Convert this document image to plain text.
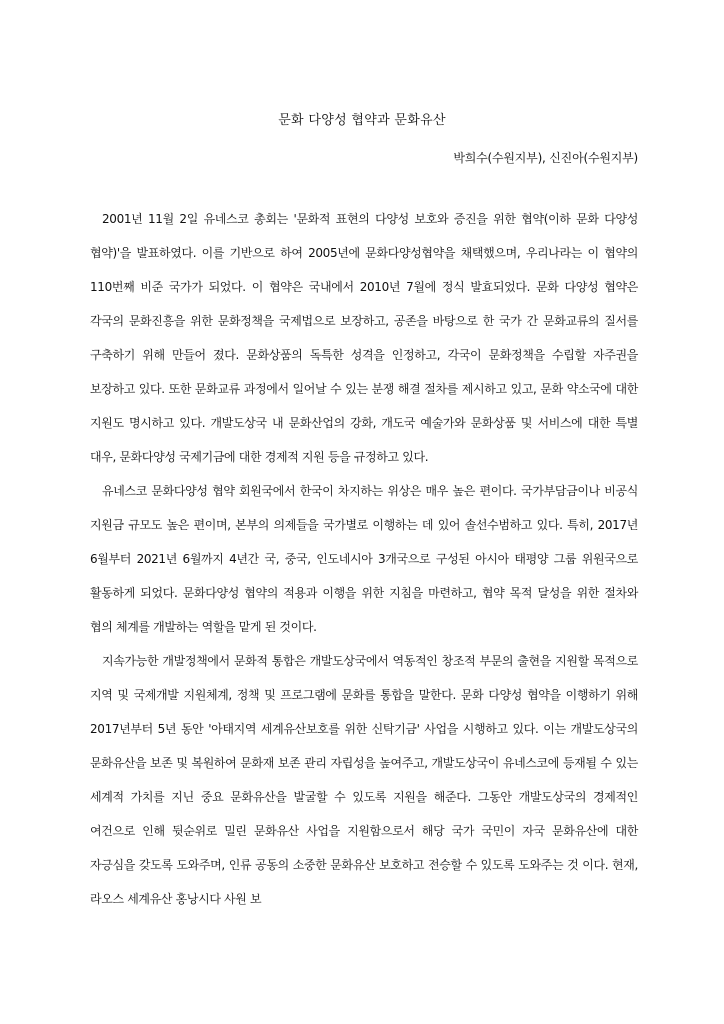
문화 다양성 협약과 문화유산
박희수(수원지부), 신진아(수원지부)

2001년 11월 2일 유네스코 총회는 '문화적 표현의 다양성 보호와 증진을 위한 협약(이하 문화 다양성 협약)'을 발표하였다. 이를 기반으로 하여 2005년에 문화다양성협약을 채택했으며, 우리나라는 이 협약의 110번째 비준 국가가 되었다. 이 협약은 국내에서 2010년 7월에 정식 발효되었다. 문화 다양성 협약은 각국의 문화진흥을 위한 문화정책을 국제법으로 보장하고, 공존을 바탕으로 한 국가 간 문화교류의 질서를 구축하기 위해 만들어 졌다. 문화상품의 독특한 성격을 인정하고, 각국이 문화정책을 수립할 자주권을 보장하고 있다. 또한 문화교류 과정에서 일어날 수 있는 분쟁 해결 절차를 제시하고 있고, 문화 약소국에 대한 지원도 명시하고 있다. 개발도상국 내 문화산업의 강화, 개도국 예술가와 문화상품 및 서비스에 대한 특별 대우, 문화다양성 국제기금에 대한 경제적 지원 등을 규정하고 있다.

유네스코 문화다양성 협약 회원국에서 한국이 차지하는 위상은 매우 높은 편이다. 국가부담금이나 비공식 지원금 규모도 높은 편이며, 본부의 의제들을 국가별로 이행하는 데 있어 솔선수범하고 있다. 특히, 2017년 6월부터 2021년 6월까지 4년간 국, 중국, 인도네시아 3개국으로 구성된 아시아 태평양 그룹 위원국으로 활동하게 되었다. 문화다양성 협약의 적용과 이행을 위한 지침을 마련하고, 협약 목적 달성을 위한 절차와 협의 체계를 개발하는 역할을 맡게 된 것이다.

지속가능한 개발정책에서 문화적 통합은 개발도상국에서 역동적인 창조적 부문의 출현을 지원할 목적으로 지역 및 국제개발 지원체계, 정책 및 프로그램에 문화를 통합을 말한다. 문화 다양성 협약을 이행하기 위해 2017년부터 5년 동안 '아태지역 세계유산보호를 위한 신탁기금' 사업을 시행하고 있다. 이는 개발도상국의 문화유산을 보존 및 복원하여 문화재 보존 관리 자립성을 높여주고, 개발도상국이 유네스코에 등재될 수 있는 세계적 가치를 지닌 중요 문화유산을 발굴할 수 있도록 지원을 해준다. 그동안 개발도상국의 경제적인 여건으로 인해 뒷순위로 밀린 문화유산 사업을 지원함으로서 해당 국가 국민이 자국 문화유산에 대한 자긍심을 갖도록 도와주며, 인류 공동의 소중한 문화유산 보호하고 전승할 수 있도록 도와주는 것 이다. 현재, 라오스 세계유산 홍낭시다 사원 보
